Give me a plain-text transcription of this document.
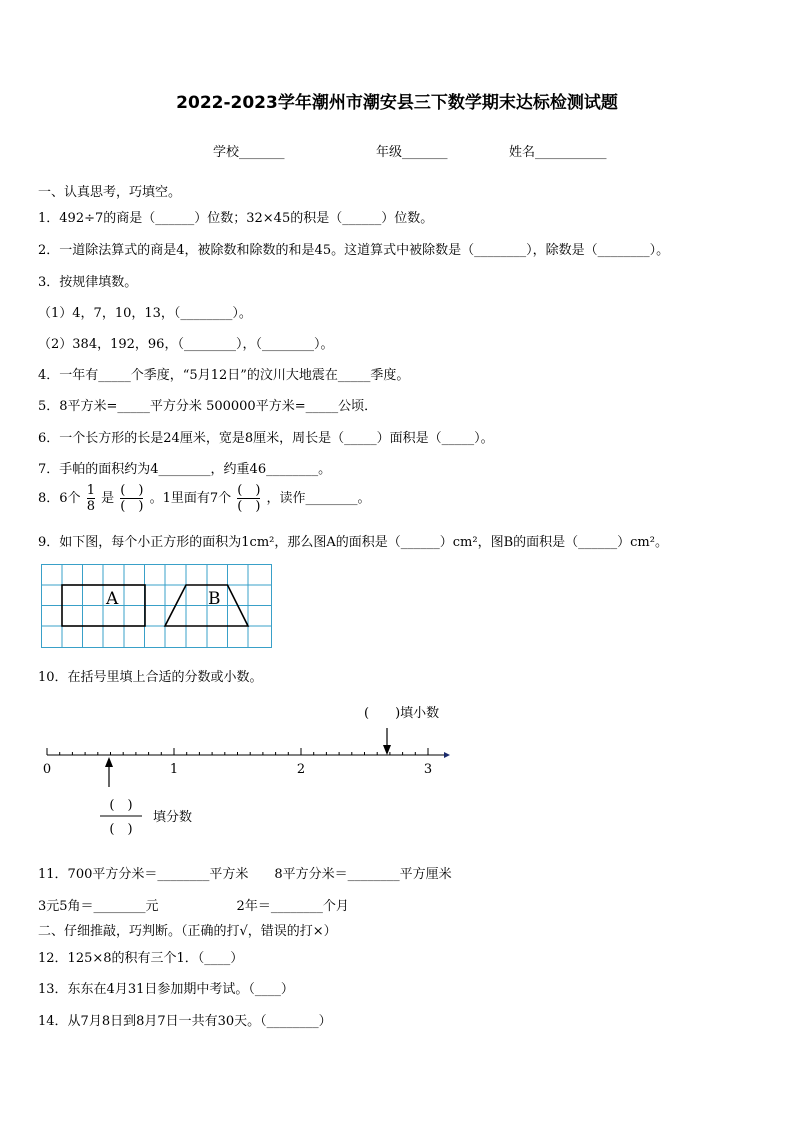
2022-2023学年潮州市潮安县三下数学期末达标检测试题
学校_______	年级_______	姓名___________
一、认真思考，巧填空。
1．492÷7的商是（______）位数；32×45的积是（______）位数。
2．一道除法算式的商是4，被除数和除数的和是45。这道算式中被除数是（________），除数是（________）。
3．按规律填数。
（1）4，7，10，13，（________）。
（2）384，192，96，（________），（________）。
4．一年有_____个季度，“5月12日”的汶川大地震在_____季度。
5．8平方米=_____平方分米 500000平方米=_____公顷．
6．一个长方形的长是24厘米，宽是8厘米，周长是（_____）面积是（_____）。
7．手帕的面积约为4________，约重46________。
8．6个 $\frac{1}{8}$ 是 $\frac{( )}{( )}$ 。1里面有7个 $\frac{( )}{( )}$ ，读作________。
9．如下图，每个小正方形的面积为1cm²，那么图A的面积是（______）cm²，图B的面积是（______）cm²。
A	B
10．在括号里填上合适的分数或小数。
0	1	2	3
(　　)填小数
(　)
(　)
填分数
11．700平方分米＝________平方米　　8平方分米＝________平方厘米
3元5角＝________元　　　　　　2年＝________个月
二、仔细推敲，巧判断。（正确的打√，错误的打×）
12．125×8的积有三个1．（____）
13．东东在4月31日参加期中考试。（____）
14．从7月8日到8月7日一共有30天。（________）
